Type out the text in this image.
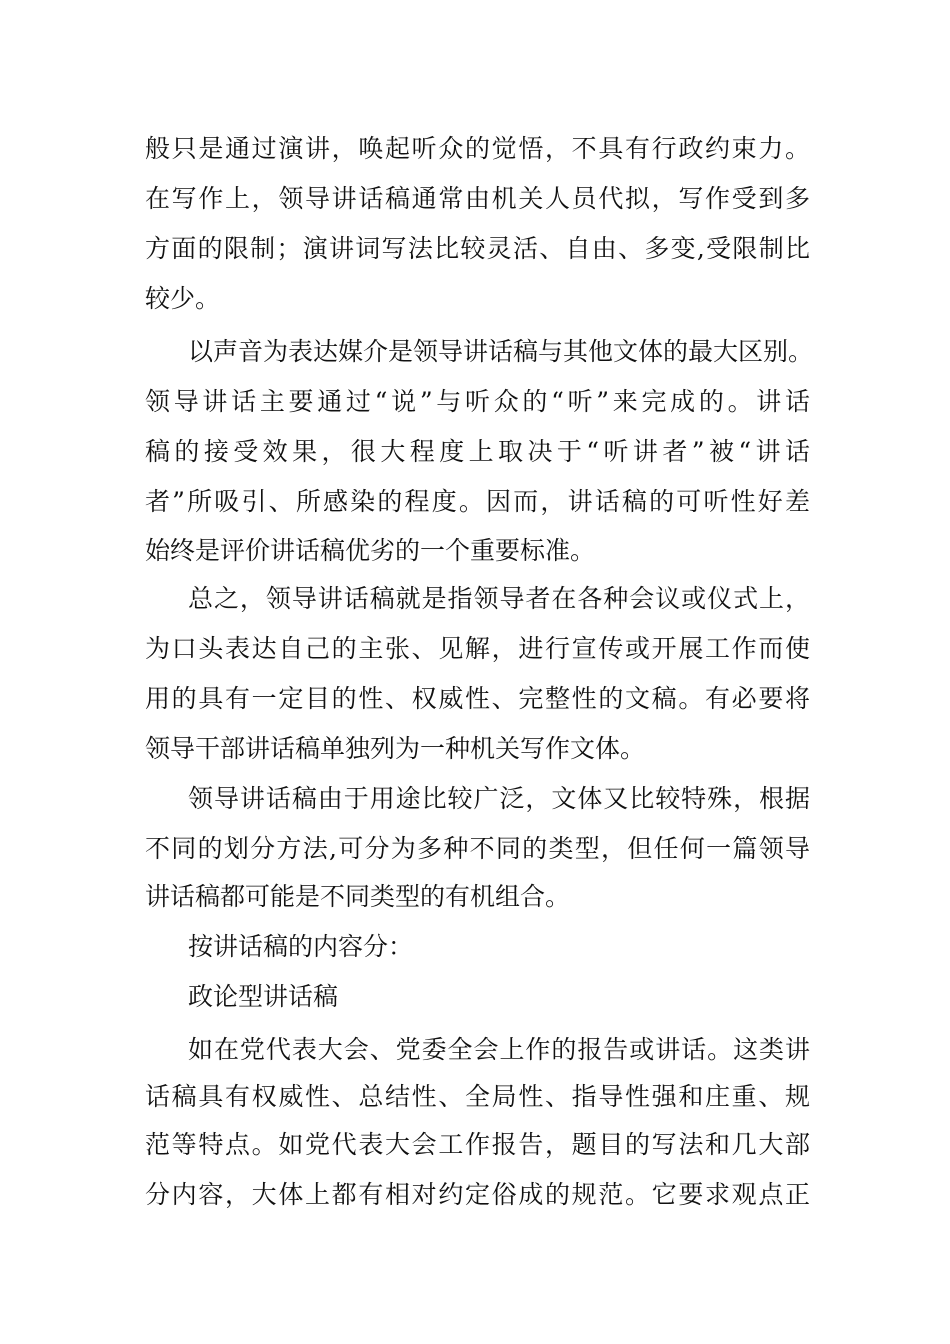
般只是通过演讲，唤起听众的觉悟，不具有行政约束力。
在写作上，领导讲话稿通常由机关人员代拟，写作受到多
方面的限制；演讲词写法比较灵活、自由、多变,受限制比
较少。
以声音为表达媒介是领导讲话稿与其他文体的最大区别。
领导讲话主要通过“说”与听众的“听”来完成的。讲话
稿的接受效果，很大程度上取决于“听讲者”被“讲话
者”所吸引、所感染的程度。因而，讲话稿的可听性好差
始终是评价讲话稿优劣的一个重要标准。
总之，领导讲话稿就是指领导者在各种会议或仪式上，
为口头表达自己的主张、见解，进行宣传或开展工作而使
用的具有一定目的性、权威性、完整性的文稿。有必要将
领导干部讲话稿单独列为一种机关写作文体。
领导讲话稿由于用途比较广泛，文体又比较特殊，根据
不同的划分方法,可分为多种不同的类型，但任何一篇领导
讲话稿都可能是不同类型的有机组合。
按讲话稿的内容分：
政论型讲话稿
如在党代表大会、党委全会上作的报告或讲话。这类讲
话稿具有权威性、总结性、全局性、指导性强和庄重、规
范等特点。如党代表大会工作报告，题目的写法和几大部
分内容，大体上都有相对约定俗成的规范。它要求观点正
